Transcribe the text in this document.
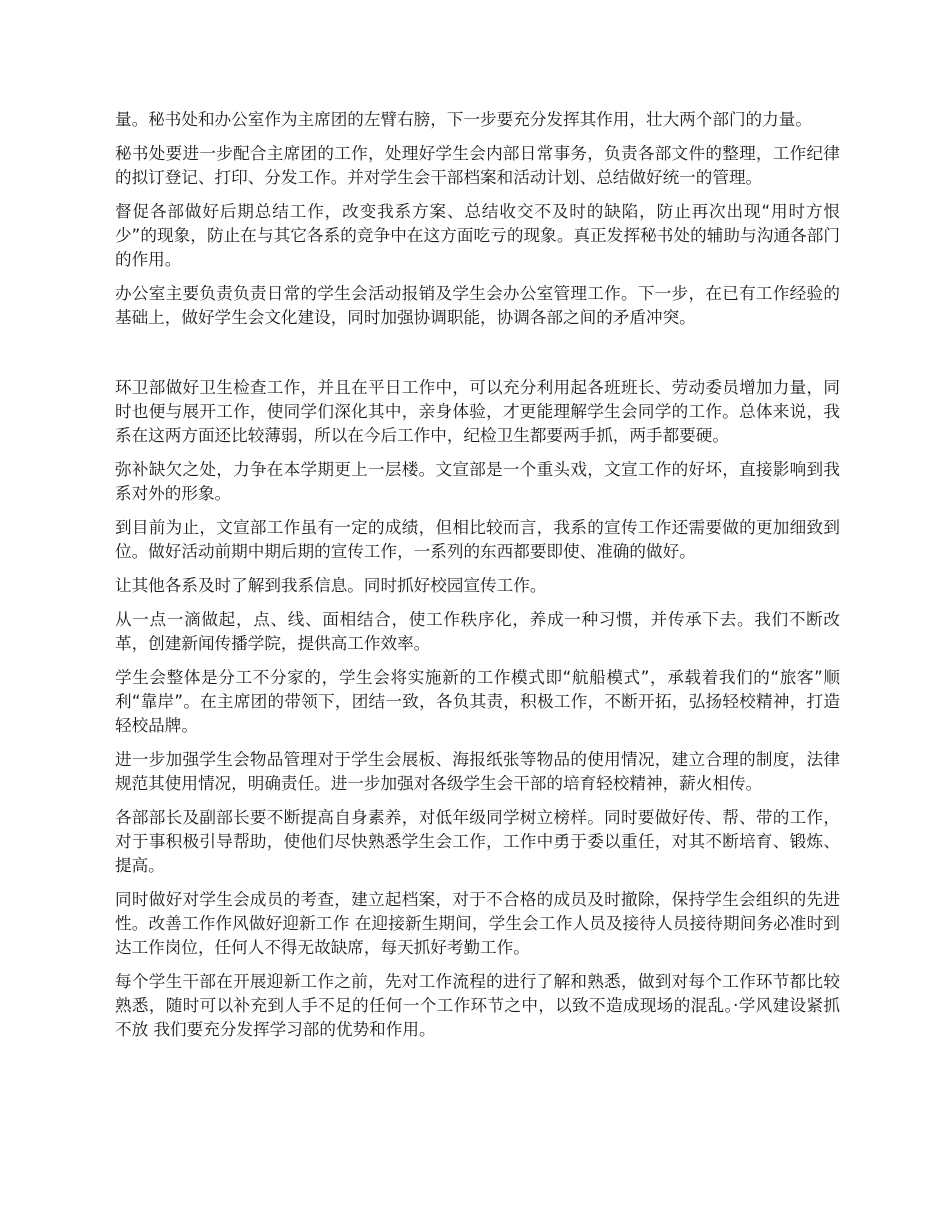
量。秘书处和办公室作为主席团的左臂右膀，下一步要充分发挥其作用，壮大两个部门的力量。

秘书处要进一步配合主席团的工作，处理好学生会内部日常事务，负责各部文件的整理，工作纪律的拟订登记、打印、分发工作。并对学生会干部档案和活动计划、总结做好统一的管理。

督促各部做好后期总结工作，改变我系方案、总结收交不及时的缺陷，防止再次出现“用时方恨少”的现象，防止在与其它各系的竞争中在这方面吃亏的现象。真正发挥秘书处的辅助与沟通各部门的作用。

办公室主要负责负责日常的学生会活动报销及学生会办公室管理工作。下一步，在已有工作经验的基础上，做好学生会文化建设，同时加强协调职能，协调各部之间的矛盾冲突。

环卫部做好卫生检查工作，并且在平日工作中，可以充分利用起各班班长、劳动委员增加力量，同时也便与展开工作，使同学们深化其中，亲身体验，才更能理解学生会同学的工作。总体来说，我系在这两方面还比较薄弱，所以在今后工作中，纪检卫生都要两手抓，两手都要硬。

弥补缺欠之处，力争在本学期更上一层楼。文宣部是一个重头戏，文宣工作的好坏，直接影响到我系对外的形象。

到目前为止，文宣部工作虽有一定的成绩，但相比较而言，我系的宣传工作还需要做的更加细致到位。做好活动前期中期后期的宣传工作，一系列的东西都要即使、准确的做好。

让其他各系及时了解到我系信息。同时抓好校园宣传工作。

从一点一滴做起，点、线、面相结合，使工作秩序化，养成一种习惯，并传承下去。我们不断改革，创建新闻传播学院，提供高工作效率。

学生会整体是分工不分家的，学生会将实施新的工作模式即“航船模式”，承载着我们的“旅客”顺利“靠岸”。在主席团的带领下，团结一致，各负其责，积极工作，不断开拓，弘扬轻校精神，打造轻校品牌。

进一步加强学生会物品管理对于学生会展板、海报纸张等物品的使用情况，建立合理的制度，法律规范其使用情况，明确责任。进一步加强对各级学生会干部的培育轻校精神，薪火相传。

各部部长及副部长要不断提高自身素养，对低年级同学树立榜样。同时要做好传、帮、带的工作，对于事积极引导帮助，使他们尽快熟悉学生会工作，工作中勇于委以重任，对其不断培育、锻炼、提高。

同时做好对学生会成员的考查，建立起档案，对于不合格的成员及时撤除，保持学生会组织的先进性。改善工作作风做好迎新工作 在迎接新生期间，学生会工作人员及接待人员接待期间务必准时到达工作岗位，任何人不得无故缺席，每天抓好考勤工作。

每个学生干部在开展迎新工作之前，先对工作流程的进行了解和熟悉，做到对每个工作环节都比较熟悉，随时可以补充到人手不足的任何一个工作环节之中，以致不造成现场的混乱。·学风建设紧抓不放 我们要充分发挥学习部的优势和作用。
